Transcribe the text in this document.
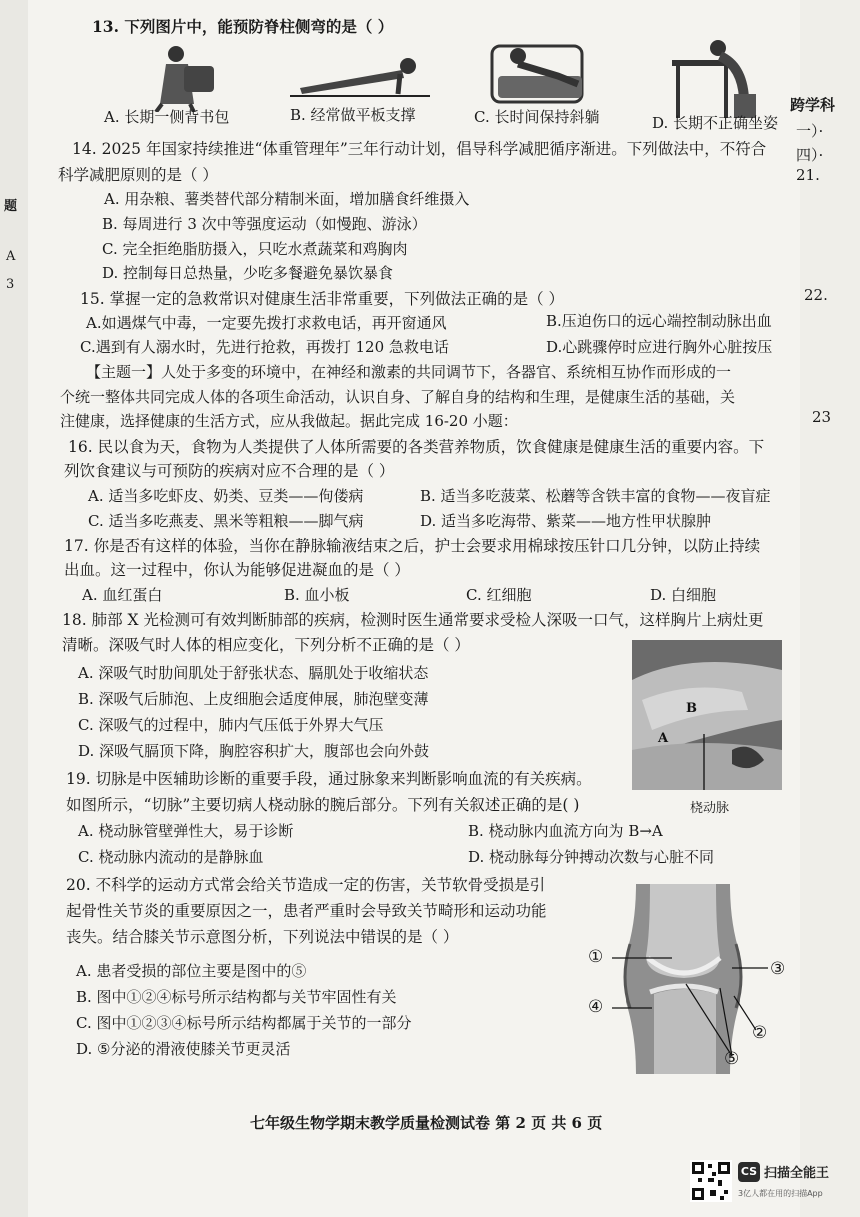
题
A
3
跨学科
一）·
四）·
21.
22.
23
13. 下列图片中，能预防脊柱侧弯的是（ ）
A. 长期一侧背书包	B. 经常做平板支撑	C. 长时间保持斜躺	D. 长期不正确坐姿
14. 2025 年国家持续推进“体重管理年”三年行动计划，倡导科学减肥循序渐进。下列做法中，不符合
科学减肥原则的是（ ）
A. 用杂粮、薯类替代部分精制米面，增加膳食纤维摄入
B. 每周进行 3 次中等强度运动（如慢跑、游泳）
C. 完全拒绝脂肪摄入，只吃水煮蔬菜和鸡胸肉
D. 控制每日总热量，少吃多餐避免暴饮暴食
15. 掌握一定的急救常识对健康生活非常重要，下列做法正确的是（ ）
A.如遇煤气中毒，一定要先拨打求救电话，再开窗通风	B.压迫伤口的远心端控制动脉出血
C.遇到有人溺水时，先进行抢救，再拨打 120 急救电话	D.心跳骤停时应进行胸外心脏按压
【主题一】人处于多变的环境中，在神经和激素的共同调节下，各器官、系统相互协作而形成的一
个统一整体共同完成人体的各项生命活动，认识自身、了解自身的结构和生理，是健康生活的基础，关
注健康，选择健康的生活方式，应从我做起。据此完成 16-20 小题：
16. 民以食为天，食物为人类提供了人体所需要的各类营养物质，饮食健康是健康生活的重要内容。下
列饮食建议与可预防的疾病对应不合理的是（ ）
A. 适当多吃虾皮、奶类、豆类——佝偻病	B. 适当多吃菠菜、松蘑等含铁丰富的食物——夜盲症
C. 适当多吃燕麦、黑米等粗粮——脚气病	D. 适当多吃海带、紫菜——地方性甲状腺肿
17. 你是否有这样的体验，当你在静脉输液结束之后，护士会要求用棉球按压针口几分钟，以防止持续
出血。这一过程中，你认为能够促进凝血的是（ ）
A. 血红蛋白	B. 血小板	C. 红细胞	D. 白细胞
18. 肺部 X 光检测可有效判断肺部的疾病，检测时医生通常要求受检人深吸一口气，这样胸片上病灶更
清晰。深吸气时人体的相应变化，下列分析不正确的是（ ）
A. 深吸气时肋间肌处于舒张状态、膈肌处于收缩状态
B. 深吸气后肺泡、上皮细胞会适度伸展，肺泡壁变薄
C. 深吸气的过程中，肺内气压低于外界大气压
D. 深吸气膈顶下降，胸腔容积扩大，腹部也会向外鼓
B
A
桡动脉
19. 切脉是中医辅助诊断的重要手段，通过脉象来判断影响血流的有关疾病。
如图所示，“切脉”主要切病人桡动脉的腕后部分。下列有关叙述正确的是( )
A. 桡动脉管壁弹性大，易于诊断	B. 桡动脉内血流方向为 B→A
C. 桡动脉内流动的是静脉血	D. 桡动脉每分钟搏动次数与心脏不同
20. 不科学的运动方式常会给关节造成一定的伤害，关节软骨受损是引
起骨性关节炎的重要原因之一，患者严重时会导致关节畸形和运动功能
丧失。结合膝关节示意图分析，下列说法中错误的是（ ）
A. 患者受损的部位主要是图中的⑤
B. 图中①②④标号所示结构都与关节牢固性有关
C. 图中①②③④标号所示结构都属于关节的一部分
D. ⑤分泌的滑液使膝关节更灵活
①
②
③
④
⑤
七年级生物学期末教学质量检测试卷 第 2 页 共 6 页
CS 扫描全能王
3亿人都在用的扫描App
